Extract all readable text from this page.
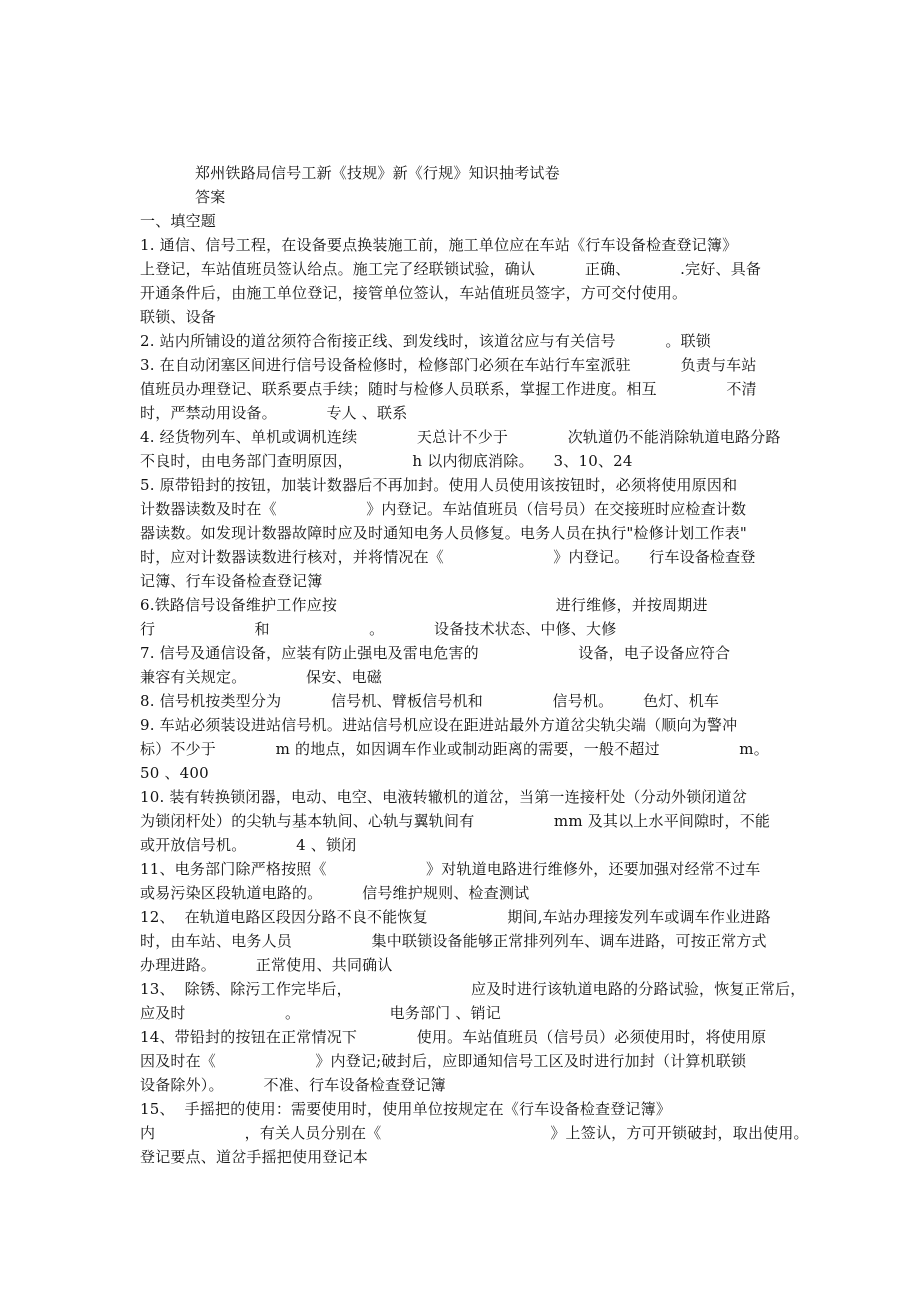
郑州铁路局信号工新《技规》新《行规》知识抽考试卷
答案
一、填空题
1. 通信、信号工程，在设备要点换装施工前，施工单位应在车站《行车设备检查登记簿》
上登记，车站值班员签认给点。施工完了经联锁试验，确认          正确、          .完好、具备
开通条件后，由施工单位登记，接管单位签认，车站值班员签字，方可交付使用。
联锁、设备
2. 站内所铺设的道岔须符合衔接正线、到发线时，该道岔应与有关信号          。联锁
3. 在自动闭塞区间进行信号设备检修时，检修部门必须在车站行车室派驻          负责与车站
值班员办理登记、联系要点手续；随时与检修人员联系，掌握工作进度。相互              不清
时，严禁动用设备。          专人 、联系
4. 经货物列车、单机或调机连续            天总计不少于            次轨道仍不能消除轨道电路分路
不良时，由电务部门查明原因，            h 以内彻底消除。    3、10、24
5. 原带铅封的按钮，加装计数器后不再加封。使用人员使用该按钮时，必须将使用原因和
计数器读数及时在《                  》内登记。车站值班员（信号员）在交接班时应检查计数
器读数。如发现计数器故障时应及时通知电务人员修复。电务人员在执行"检修计划工作表"
时，应对计数器读数进行核对，并将情况在《                      》内登记。    行车设备检查登
记簿、行车设备检查登记簿
6.铁路信号设备维护工作应按                                            进行维修，并按周期进
行                    和                    。          设备技术状态、中修、大修
7. 信号及通信设备，应装有防止强电及雷电危害的                    设备，电子设备应符合
兼容有关规定。            保安、电磁
8. 信号机按类型分为          信号机、臂板信号机和              信号机。      色灯、机车
9. 车站必须装设进站信号机。进站信号机应设在距进站最外方道岔尖轨尖端（顺向为警冲
标）不少于            m 的地点，如因调车作业或制动距离的需要，一般不超过                m。
50 、400
10. 装有转换锁闭器，电动、电空、电液转辙机的道岔，当第一连接杆处（分动外锁闭道岔
为锁闭杆处）的尖轨与基本轨间、心轨与翼轨间有                mm 及其以上水平间隙时，不能
或开放信号机。          4 、锁闭
11、电务部门除严格按照《                    》对轨道电路进行维修外，还要加强对经常不过车
或易污染区段轨道电路的。        信号维护规则、检查测试
12、  在轨道电路区段因分路不良不能恢复                期间,车站办理接发列车或调车作业进路
时，由车站、电务人员                集中联锁设备能够正常排列列车、调车进路，可按正常方式
办理进路。        正常使用、共同确认
13、  除锈、除污工作完毕后，                        应及时进行该轨道电路的分路试验，恢复正常后，
应及时                    。                  电务部门 、销记
14、带铅封的按钮在正常情况下            使用。车站值班员（信号员）必须使用时，将使用原
因及时在《                    》内登记;破封后，应即通知信号工区及时进行加封（计算机联锁
设备除外）。        不准、行车设备检查登记簿
15、  手摇把的使用：需要使用时，使用单位按规定在《行车设备检查登记簿》
内                  ，有关人员分别在《                                  》上签认，方可开锁破封，取出使用。
登记要点、道岔手摇把使用登记本
